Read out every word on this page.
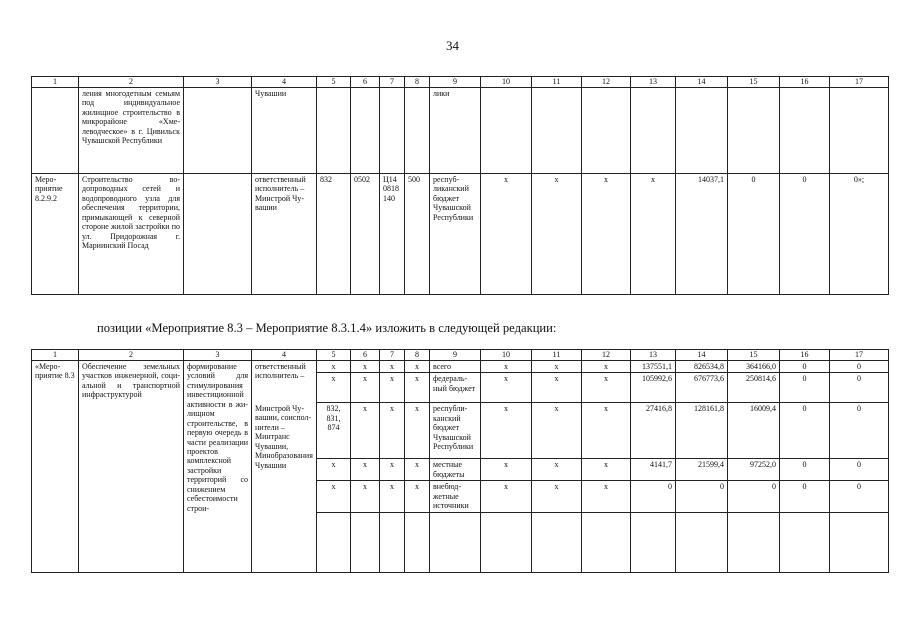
34
1	2	3	4	5	6	7	8	9	10	11	12	13	14	15	16	17
	ления многодетным семьям под индивидуальное жилищное строительство в микрорайоне «Хмелеводческое» в г. Цивильск Чувашской Республики		Чувашии					лики								
Мероприятие 8.2.9.2	Строительство водопроводных сетей и водопроводного узла для обеспечения территории, примыкающей к северной стороне жилой застройки по ул. Придорожная г. Мариинский Посад		ответственный исполнитель – Минстрой Чувашии	832	0502	Ц14 0818 140	500	республиканский бюджет Чувашской Республики	х	х	х	х	14037,1	0	0	0»;
позиции «Мероприятие 8.3 – Мероприятие 8.3.1.4» изложить в следующей редакции:
1	2	3	4	5	6	7	8	9	10	11	12	13	14	15	16	17
«Мероприятие 8.3	Обеспечение земельных участков инженерной, социальной и транспортной инфраструктурой	формирование условий для стимулирования инвестиционной активности в жилищном строительстве, в первую очередь в части реализации проектов комплексной застройки территорий со снижением себестоимости строи-	ответственный исполнитель –	х	х	х	х	всего	х	х	х	137551,1	826534,8	364166,0	0	0
				х	х	х	х	федеральный бюджет	х	х	х	105992,6	676773,6	250814,6	0	0
			Минстрой Чувашии, соисполнители – Минтранс Чувашии, Минобразования Чувашии	832, 831, 874	х	х	х	республиканский бюджет Чувашской Республики	х	х	х	27416,8	128161,8	16009,4	0	0
				х	х	х	х	местные бюджеты	х	х	х	4141,7	21599,4	97252,0	0	0
				х	х	х	х	внебюджетные источники	х	х	х	0	0	0	0	0
